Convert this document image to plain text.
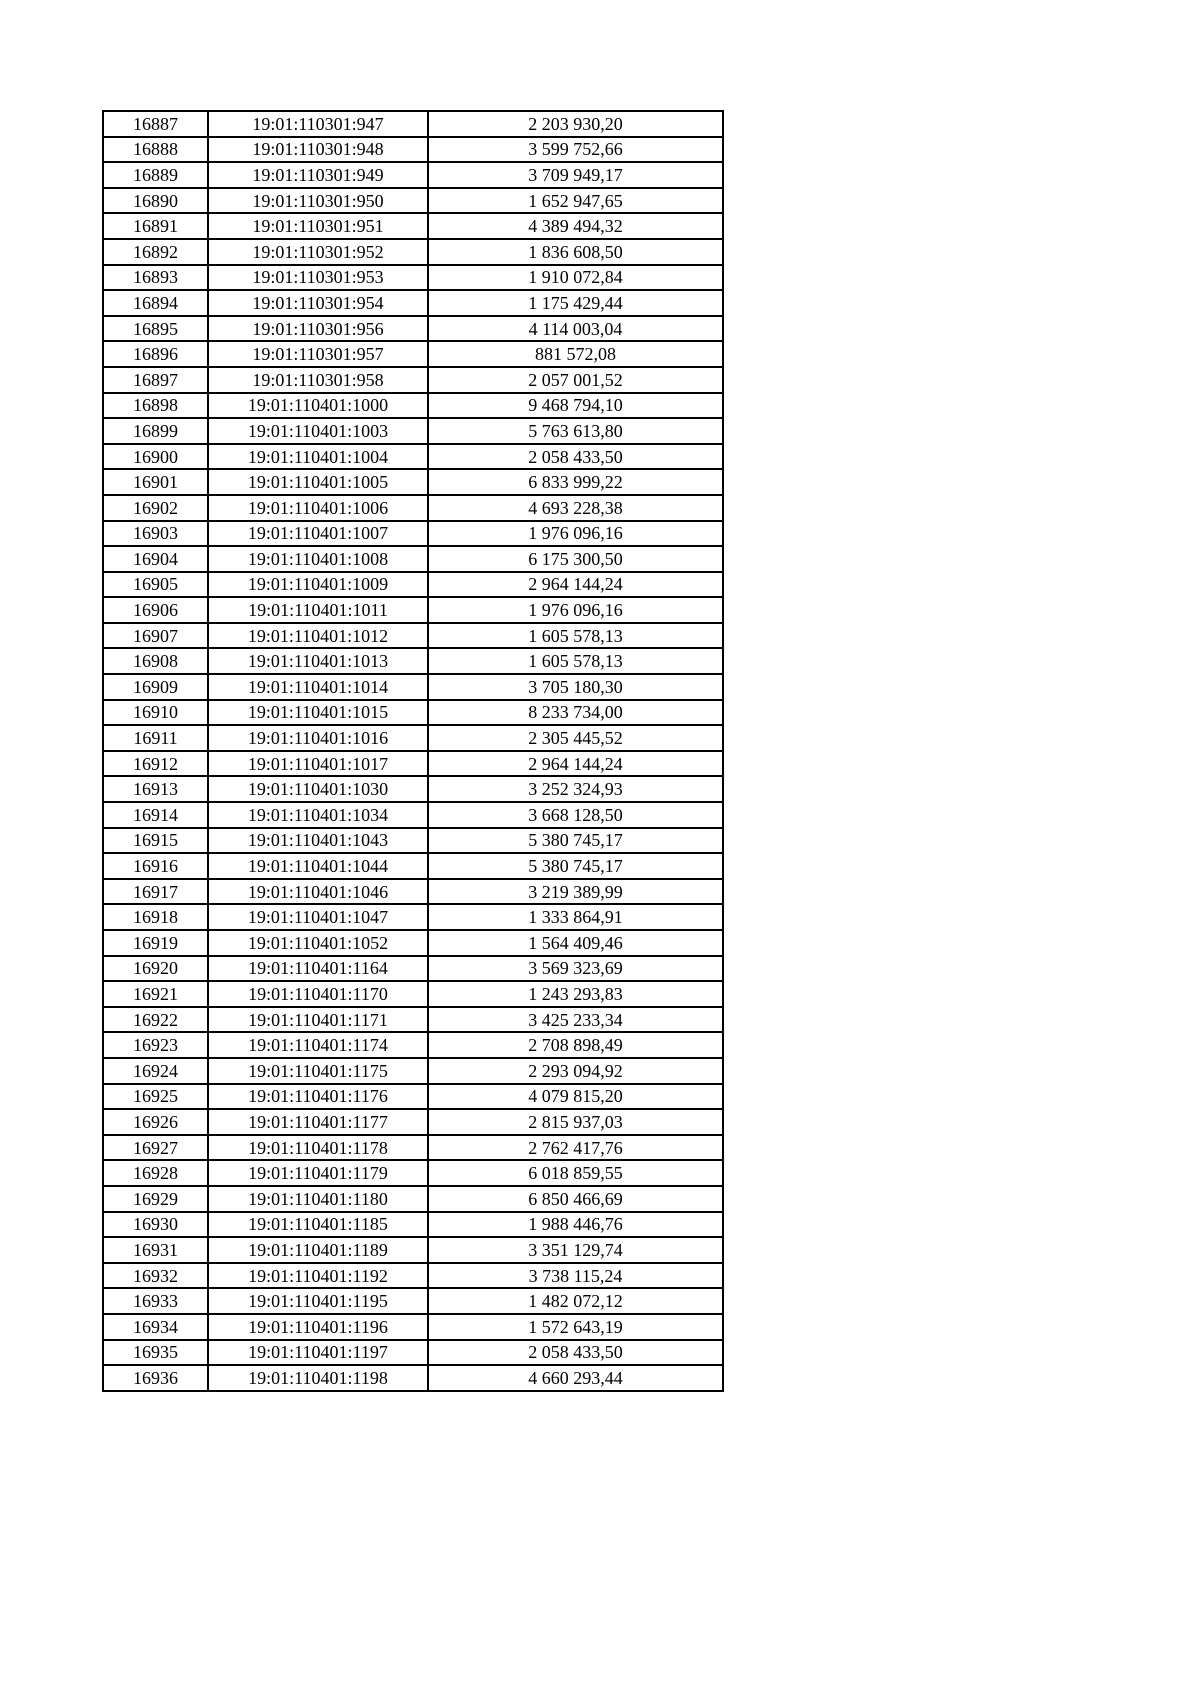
16887	19:01:110301:947	2 203 930,20
16888	19:01:110301:948	3 599 752,66
16889	19:01:110301:949	3 709 949,17
16890	19:01:110301:950	1 652 947,65
16891	19:01:110301:951	4 389 494,32
16892	19:01:110301:952	1 836 608,50
16893	19:01:110301:953	1 910 072,84
16894	19:01:110301:954	1 175 429,44
16895	19:01:110301:956	4 114 003,04
16896	19:01:110301:957	881 572,08
16897	19:01:110301:958	2 057 001,52
16898	19:01:110401:1000	9 468 794,10
16899	19:01:110401:1003	5 763 613,80
16900	19:01:110401:1004	2 058 433,50
16901	19:01:110401:1005	6 833 999,22
16902	19:01:110401:1006	4 693 228,38
16903	19:01:110401:1007	1 976 096,16
16904	19:01:110401:1008	6 175 300,50
16905	19:01:110401:1009	2 964 144,24
16906	19:01:110401:1011	1 976 096,16
16907	19:01:110401:1012	1 605 578,13
16908	19:01:110401:1013	1 605 578,13
16909	19:01:110401:1014	3 705 180,30
16910	19:01:110401:1015	8 233 734,00
16911	19:01:110401:1016	2 305 445,52
16912	19:01:110401:1017	2 964 144,24
16913	19:01:110401:1030	3 252 324,93
16914	19:01:110401:1034	3 668 128,50
16915	19:01:110401:1043	5 380 745,17
16916	19:01:110401:1044	5 380 745,17
16917	19:01:110401:1046	3 219 389,99
16918	19:01:110401:1047	1 333 864,91
16919	19:01:110401:1052	1 564 409,46
16920	19:01:110401:1164	3 569 323,69
16921	19:01:110401:1170	1 243 293,83
16922	19:01:110401:1171	3 425 233,34
16923	19:01:110401:1174	2 708 898,49
16924	19:01:110401:1175	2 293 094,92
16925	19:01:110401:1176	4 079 815,20
16926	19:01:110401:1177	2 815 937,03
16927	19:01:110401:1178	2 762 417,76
16928	19:01:110401:1179	6 018 859,55
16929	19:01:110401:1180	6 850 466,69
16930	19:01:110401:1185	1 988 446,76
16931	19:01:110401:1189	3 351 129,74
16932	19:01:110401:1192	3 738 115,24
16933	19:01:110401:1195	1 482 072,12
16934	19:01:110401:1196	1 572 643,19
16935	19:01:110401:1197	2 058 433,50
16936	19:01:110401:1198	4 660 293,44
